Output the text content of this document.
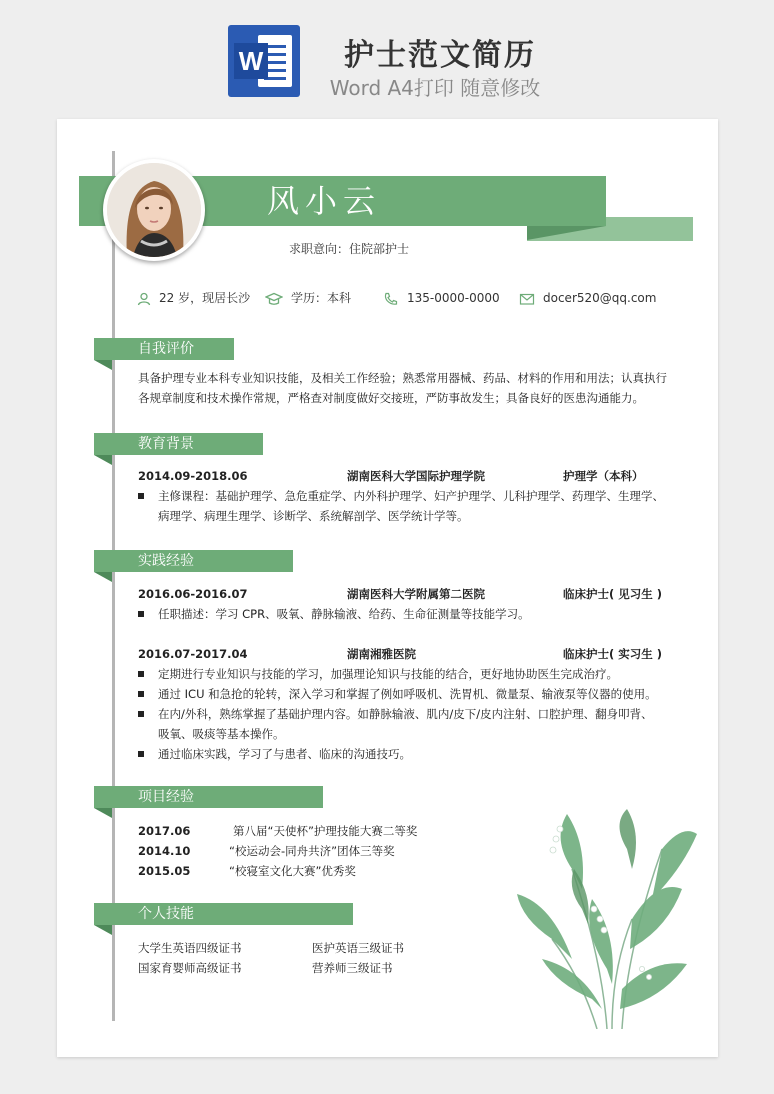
W	护士范文简历
Word A4打印 随意修改
风小云
求职意向：住院部护士
22 岁，现居长沙	学历：本科	135-0000-0000	docer520@qq.com
自我评价
具备护理专业本科专业知识技能，及相关工作经验；熟悉常用器械、药品、材料的作用和用法；认真执行
各规章制度和技术操作常规，严格查对制度做好交接班，严防事故发生；具备良好的医患沟通能力。
教育背景
2014.09-2018.06	湖南医科大学国际护理学院	护理学（本科）
主修课程：基础护理学、急危重症学、内外科护理学、妇产护理学、儿科护理学、药理学、生理学、
病理学、病理生理学、诊断学、系统解剖学、医学统计学等。
实践经验
2016.06-2016.07	湖南医科大学附属第二医院	临床护士( 见习生 )
任职描述：学习 CPR、吸氧、静脉输液、给药、生命征测量等技能学习。
2016.07-2017.04	湖南湘雅医院	临床护士( 实习生 )
定期进行专业知识与技能的学习，加强理论知识与技能的结合，更好地协助医生完成治疗。
通过 ICU 和急抢的轮转，深入学习和掌握了例如呼吸机、洗胃机、微量泵、输液泵等仪器的使用。
在内/外科，熟练掌握了基础护理内容。如静脉输液、肌内/皮下/皮内注射、口腔护理、翻身叩背、
吸氧、吸痰等基本操作。
通过临床实践，学习了与患者、临床的沟通技巧。
项目经验
2017.06	第八届“天使杯”护理技能大赛二等奖
2014.10	“校运动会-同舟共济”团体三等奖
2015.05	“校寝室文化大赛”优秀奖
个人技能
大学生英语四级证书	医护英语三级证书
国家育婴师高级证书	营养师三级证书
